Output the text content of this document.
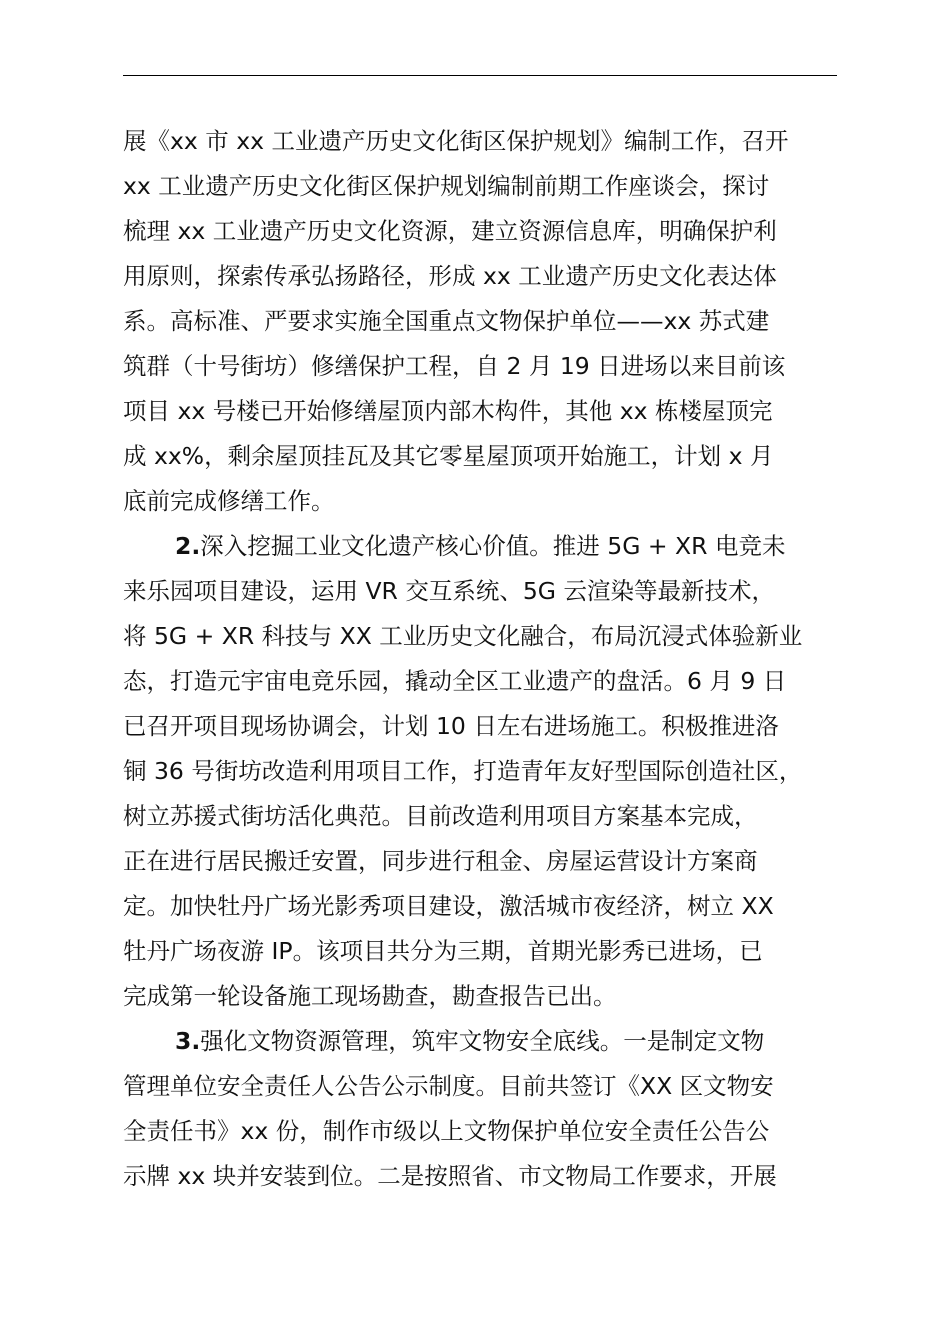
展《xx 市 xx 工业遗产历史文化街区保护规划》编制工作，召开
xx 工业遗产历史文化街区保护规划编制前期工作座谈会，探讨
梳理 xx 工业遗产历史文化资源，建立资源信息库，明确保护利
用原则，探索传承弘扬路径，形成 xx 工业遗产历史文化表达体
系。高标准、严要求实施全国重点文物保护单位——xx 苏式建
筑群（十号街坊）修缮保护工程，自 2 月 19 日进场以来目前该
项目 xx 号楼已开始修缮屋顶内部木构件，其他 xx 栋楼屋顶完
成 xx%，剩余屋顶挂瓦及其它零星屋顶项开始施工，计划 x 月
底前完成修缮工作。
2.深入挖掘工业文化遗产核心价值。推进 5G + XR 电竞未
来乐园项目建设，运用 VR 交互系统、5G 云渲染等最新技术，
将 5G + XR 科技与 XX 工业历史文化融合，布局沉浸式体验新业
态，打造元宇宙电竞乐园，撬动全区工业遗产的盘活。6 月 9 日
已召开项目现场协调会，计划 10 日左右进场施工。积极推进洛
铜 36 号街坊改造利用项目工作，打造青年友好型国际创造社区，
树立苏援式街坊活化典范。目前改造利用项目方案基本完成，
正在进行居民搬迁安置，同步进行租金、房屋运营设计方案商
定。加快牡丹广场光影秀项目建设，激活城市夜经济，树立 XX
牡丹广场夜游 IP。该项目共分为三期，首期光影秀已进场，已
完成第一轮设备施工现场勘查，勘查报告已出。
3.强化文物资源管理，筑牢文物安全底线。一是制定文物
管理单位安全责任人公告公示制度。目前共签订《XX 区文物安
全责任书》xx 份，制作市级以上文物保护单位安全责任公告公
示牌 xx 块并安装到位。二是按照省、市文物局工作要求，开展
